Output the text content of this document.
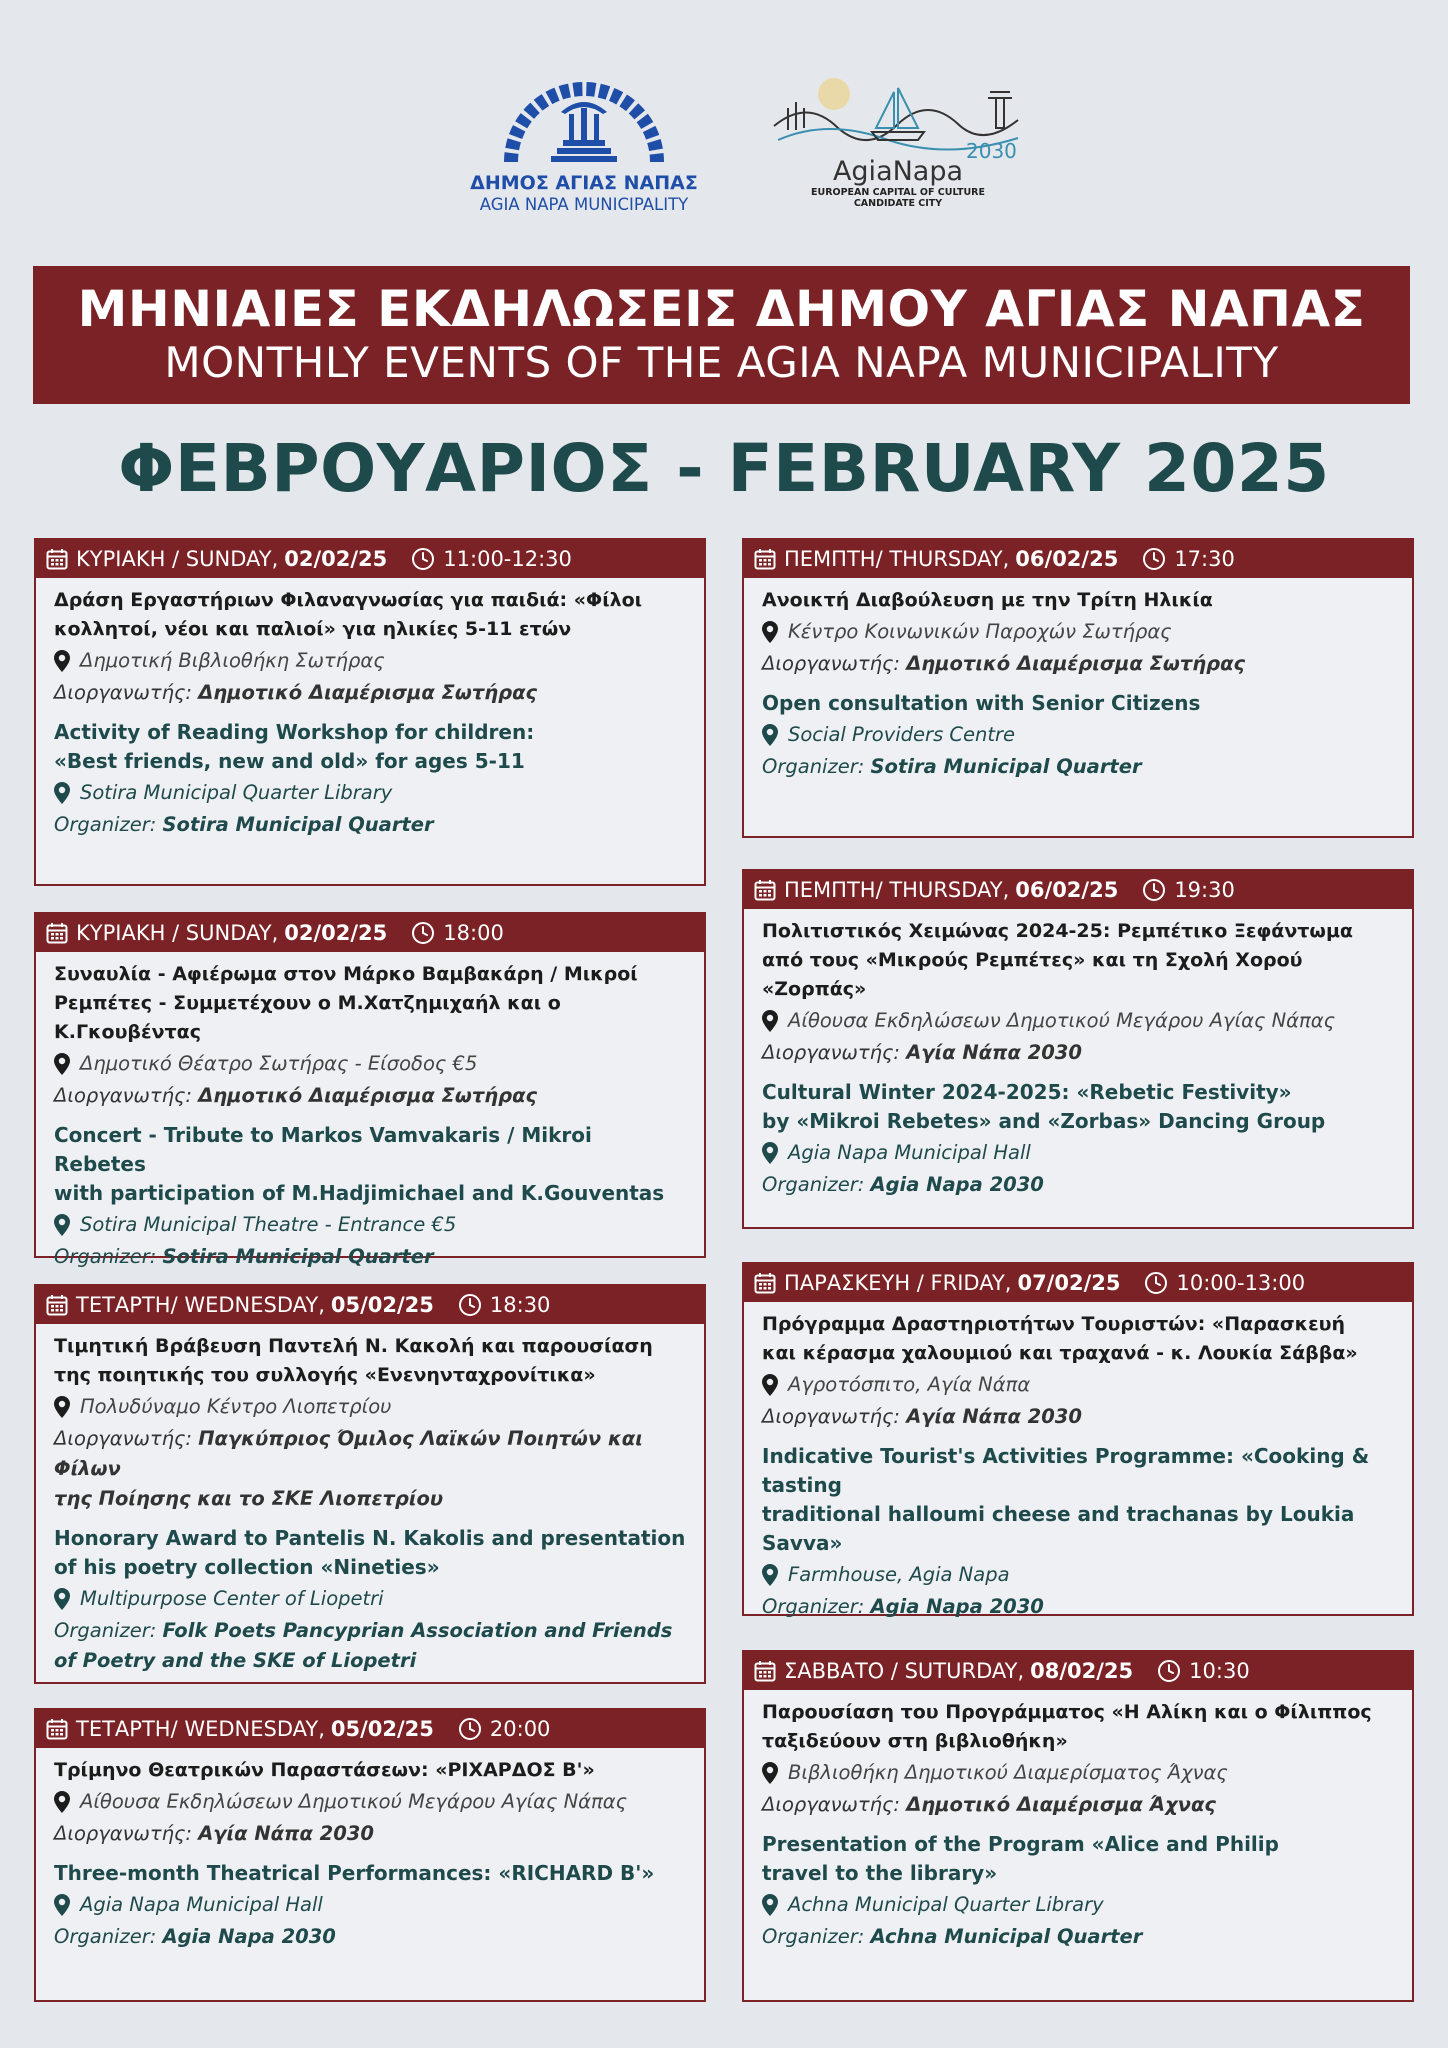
ΔΗΜΟΣ ΑΓΙΑΣ ΝΑΠΑΣ
AGIA NAPA MUNICIPALITY
2030
AgiaNapa
EUROPEAN CAPITAL OF CULTURE
CANDIDATE CITY
ΜΗΝΙΑΙΕΣ ΕΚΔΗΛΩΣΕΙΣ ΔΗΜΟΥ ΑΓΙΑΣ ΝΑΠΑΣ
MONTHLY EVENTS OF THE AGIA NAPA MUNICIPALITY
ΦΕΒΡΟΥΑΡΙΟΣ - FEBRUARY 2025
ΚΥΡΙΑΚΗ / SUNDAY, 02/02/25	11:00-12:30
Δράση Εργαστήριων Φιλαναγνωσίας για παιδιά: «Φίλοι
κολλητοί, νέοι και παλιοί» για ηλικίες 5-11 ετών
Δημοτική Βιβλιοθήκη Σωτήρας
Διοργανωτής: Δημοτικό Διαμέρισμα Σωτήρας
Activity of Reading Workshop for children:
«Best friends, new and old» for ages 5-11
Sotira Municipal Quarter Library
Organizer: Sotira Municipal Quarter
ΚΥΡΙΑΚΗ / SUNDAY, 02/02/25	18:00
Συναυλία - Αφιέρωμα στον Μάρκο Βαμβακάρη / Μικροί
Ρεμπέτες - Συμμετέχουν ο Μ.Χατζημιχαήλ και ο Κ.Γκουβέντας
Δημοτικό Θέατρο Σωτήρας - Είσοδος €5
Διοργανωτής: Δημοτικό Διαμέρισμα Σωτήρας
Concert - Tribute to Markos Vamvakaris / Mikroi Rebetes
with participation of M.Hadjimichael and K.Gouventas
Sotira Municipal Theatre - Entrance €5
Organizer: Sotira Municipal Quarter
ΤΕΤΑΡΤΗ/ WEDNESDAY, 05/02/25	18:30
Τιμητική Βράβευση Παντελή Ν. Κακολή και παρουσίαση
της ποιητικής του συλλογής «Ενενηνταχρονίτικα»
Πολυδύναμο Κέντρο Λιοπετρίου
Διοργανωτής: Παγκύπριος Όμιλος Λαϊκών Ποιητών και Φίλων
της Ποίησης και το ΣΚΕ Λιοπετρίου
Honorary Award to Pantelis N. Kakolis and presentation
of his poetry collection «Nineties»
Multipurpose Center of Liopetri
Organizer: Folk Poets Pancyprian Association and Friends
of Poetry and the SKE of Liopetri
ΤΕΤΑΡΤΗ/ WEDNESDAY, 05/02/25	20:00
Τρίμηνο Θεατρικών Παραστάσεων: «ΡΙΧΑΡΔΟΣ Β'»
Αίθουσα Εκδηλώσεων Δημοτικού Μεγάρου Αγίας Νάπας
Διοργανωτής: Αγία Νάπα 2030
Three-month Theatrical Performances: «RICHARD B'»
Agia Napa Municipal Hall
Organizer: Agia Napa 2030
ΠΕΜΠΤΗ/ THURSDAY, 06/02/25	17:30
Ανοικτή Διαβούλευση με την Τρίτη Ηλικία
Κέντρο Κοινωνικών Παροχών Σωτήρας
Διοργανωτής: Δημοτικό Διαμέρισμα Σωτήρας
Open consultation with Senior Citizens
Social Providers Centre
Organizer: Sotira Municipal Quarter
ΠΕΜΠΤΗ/ THURSDAY, 06/02/25	19:30
Πολιτιστικός Χειμώνας 2024-25: Ρεμπέτικο Ξεφάντωμα
από τους «Μικρούς Ρεμπέτες» και τη Σχολή Χορού «Ζορπάς»
Αίθουσα Εκδηλώσεων Δημοτικού Μεγάρου Αγίας Νάπας
Διοργανωτής: Αγία Νάπα 2030
Cultural Winter 2024-2025: «Rebetic Festivity»
by «Mikroi Rebetes» and «Zorbas» Dancing Group
Agia Napa Municipal Hall
Organizer: Agia Napa 2030
ΠΑΡΑΣΚΕΥΗ / FRIDAY, 07/02/25	10:00-13:00
Πρόγραμμα Δραστηριοτήτων Τουριστών: «Παρασκευή
και κέρασμα χαλουμιού και τραχανά - κ. Λουκία Σάββα»
Αγροτόσπιτο, Αγία Νάπα
Διοργανωτής: Αγία Νάπα 2030
Indicative Tourist's Activities Programme: «Cooking & tasting
traditional halloumi cheese and trachanas by Loukia Savva»
Farmhouse, Agia Napa
Organizer: Agia Napa 2030
ΣΑΒΒΑΤΟ / SUTURDAY, 08/02/25	10:30
Παρουσίαση του Προγράμματος «Η Αλίκη και ο Φίλιππος
ταξιδεύουν στη βιβλιοθήκη»
Βιβλιοθήκη Δημοτικού Διαμερίσματος Άχνας
Διοργανωτής: Δημοτικό Διαμέρισμα Άχνας
Presentation of the Program «Alice and Philip
travel to the library»
Achna Municipal Quarter Library
Organizer: Achna Municipal Quarter
